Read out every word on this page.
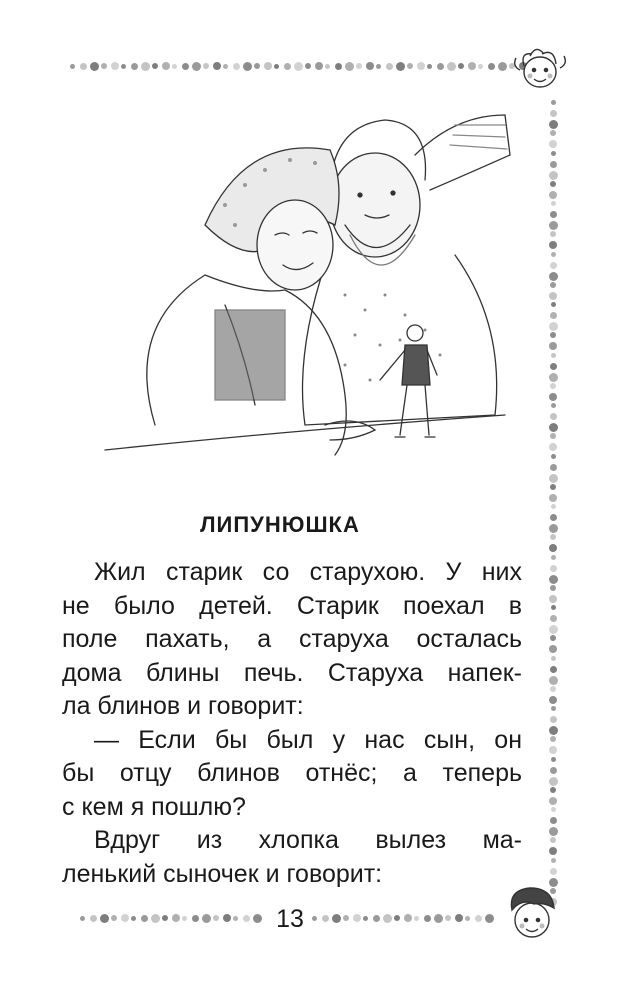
ЛИПУНЮШКА

Жил старик со старухою. У них

не было детей. Старик поехал в

поле пахать, а старуха осталась

дома блины печь. Старуха напек-

ла блинов и говорит:

— Если бы был у нас сын, он

бы отцу блинов отнёс; а теперь

с кем я пошлю?

Вдруг из хлопка вылез ма-

ленький сыночек и говорит:

13
